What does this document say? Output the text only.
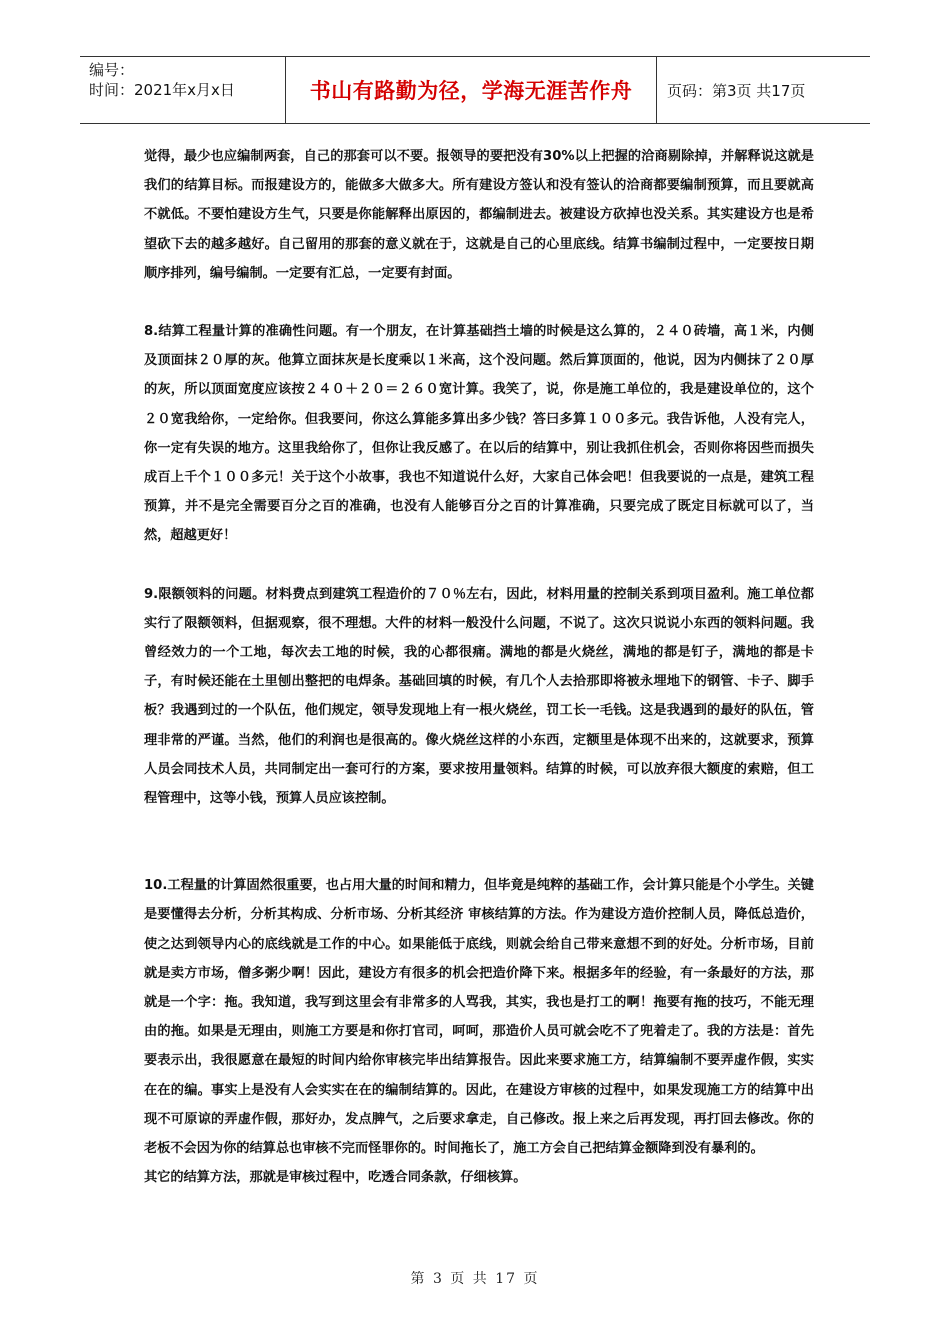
编号：
时间：2021年x月x日	书山有路勤为径，学海无涯苦作舟	页码：第3页 共17页

觉得，最少也应编制两套，自己的那套可以不要。报领导的要把没有30%以上把握的洽商剔除掉，并解释说这就是我们的结算目标。而报建设方的，能做多大做多大。所有建设方签认和没有签认的洽商都要编制预算，而且要就高不就低。不要怕建设方生气，只要是你能解释出原因的，都编制进去。被建设方砍掉也没关系。其实建设方也是希望砍下去的越多越好。自己留用的那套的意义就在于，这就是自己的心里底线。结算书编制过程中，一定要按日期顺序排列，编号编制。一定要有汇总，一定要有封面。

8.结算工程量计算的准确性问题。有一个朋友，在计算基础挡土墙的时候是这么算的，２４０砖墙，高１米，内侧及顶面抹２０厚的灰。他算立面抹灰是长度乘以１米高，这个没问题。然后算顶面的，他说，因为内侧抹了２０厚的灰，所以顶面宽度应该按２４０＋２０＝２６０宽计算。我笑了，说，你是施工单位的，我是建设单位的，这个２０宽我给你，一定给你。但我要问，你这么算能多算出多少钱？答曰多算１００多元。我告诉他，人没有完人，你一定有失误的地方。这里我给你了，但你让我反感了。在以后的结算中，别让我抓住机会，否则你将因些而损失成百上千个１００多元！关于这个小故事，我也不知道说什么好，大家自己体会吧！但我要说的一点是，建筑工程预算，并不是完全需要百分之百的准确，也没有人能够百分之百的计算准确，只要完成了既定目标就可以了，当然，超越更好！

9.限额领料的问题。材料费点到建筑工程造价的７０％左右，因此，材料用量的控制关系到项目盈利。施工单位都实行了限额领料，但据观察，很不理想。大件的材料一般没什么问题，不说了。这次只说说小东西的领料问题。我曾经效力的一个工地，每次去工地的时候，我的心都很痛。满地的都是火烧丝，满地的都是钉子，满地的都是卡子，有时候还能在土里刨出整把的电焊条。基础回填的时候，有几个人去拾那即将被永埋地下的钢管、卡子、脚手板？我遇到过的一个队伍，他们规定，领导发现地上有一根火烧丝，罚工长一毛钱。这是我遇到的最好的队伍，管理非常的严谨。当然，他们的利润也是很高的。像火烧丝这样的小东西，定额里是体现不出来的，这就要求，预算人员会同技术人员，共同制定出一套可行的方案，要求按用量领料。结算的时候，可以放弃很大额度的索赔，但工程管理中，这等小钱，预算人员应该控制。

10.工程量的计算固然很重要，也占用大量的时间和精力，但毕竟是纯粹的基础工作，会计算只能是个小学生。关键是要懂得去分析，分析其构成、分析市场、分析其经济 审核结算的方法。作为建设方造价控制人员，降低总造价，使之达到领导内心的底线就是工作的中心。如果能低于底线，则就会给自己带来意想不到的好处。分析市场，目前就是卖方市场，僧多粥少啊！因此，建设方有很多的机会把造价降下来。根据多年的经验，有一条最好的方法，那就是一个字：拖。我知道，我写到这里会有非常多的人骂我，其实，我也是打工的啊！拖要有拖的技巧，不能无理由的拖。如果是无理由，则施工方要是和你打官司，呵呵，那造价人员可就会吃不了兜着走了。我的方法是：首先要表示出，我很愿意在最短的时间内给你审核完毕出结算报告。因此来要求施工方，结算编制不要弄虚作假，实实在在的编。事实上是没有人会实实在在的编制结算的。因此，在建设方审核的过程中，如果发现施工方的结算中出现不可原谅的弄虚作假，那好办，发点脾气，之后要求拿走，自己修改。报上来之后再发现，再打回去修改。你的老板不会因为你的结算总也审核不完而怪罪你的。时间拖长了，施工方会自己把结算金额降到没有暴利的。

其它的结算方法，那就是审核过程中，吃透合同条款，仔细核算。

第 3 页 共 17 页
